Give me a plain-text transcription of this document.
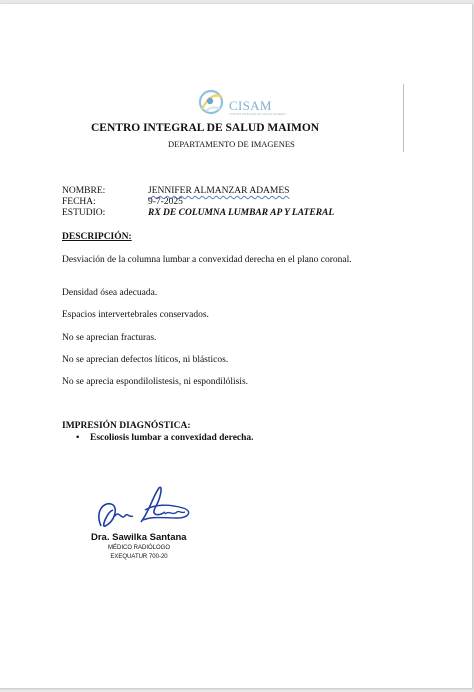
CISAM
CENTRO INTEGRAL DE SALUD MAIMON
CENTRO INTEGRAL DE SALUD MAIMON
DEPARTAMENTO DE IMAGENES
NOMBRE:	JENNIFER ALMANZAR ADAMES
FECHA:	9-7-2025
ESTUDIO:	RX DE COLUMNA LUMBAR AP Y LATERAL
DESCRIPCIÓN:
Desviación de la columna lumbar a convexidad derecha en el plano coronal.
Densidad ósea adecuada.
Espacios intervertebrales conservados.
No se aprecian fracturas.
No se aprecian defectos líticos, ni blásticos.
No se aprecia espondilolistesis, ni espondilólisis.
IMPRESIÓN DIAGNÓSTICA:
• Escoliosis lumbar a convexidad derecha.
Dra. Sawilka Santana
MÉDICO RADIÓLOGO
EXEQUATUR 700-20
